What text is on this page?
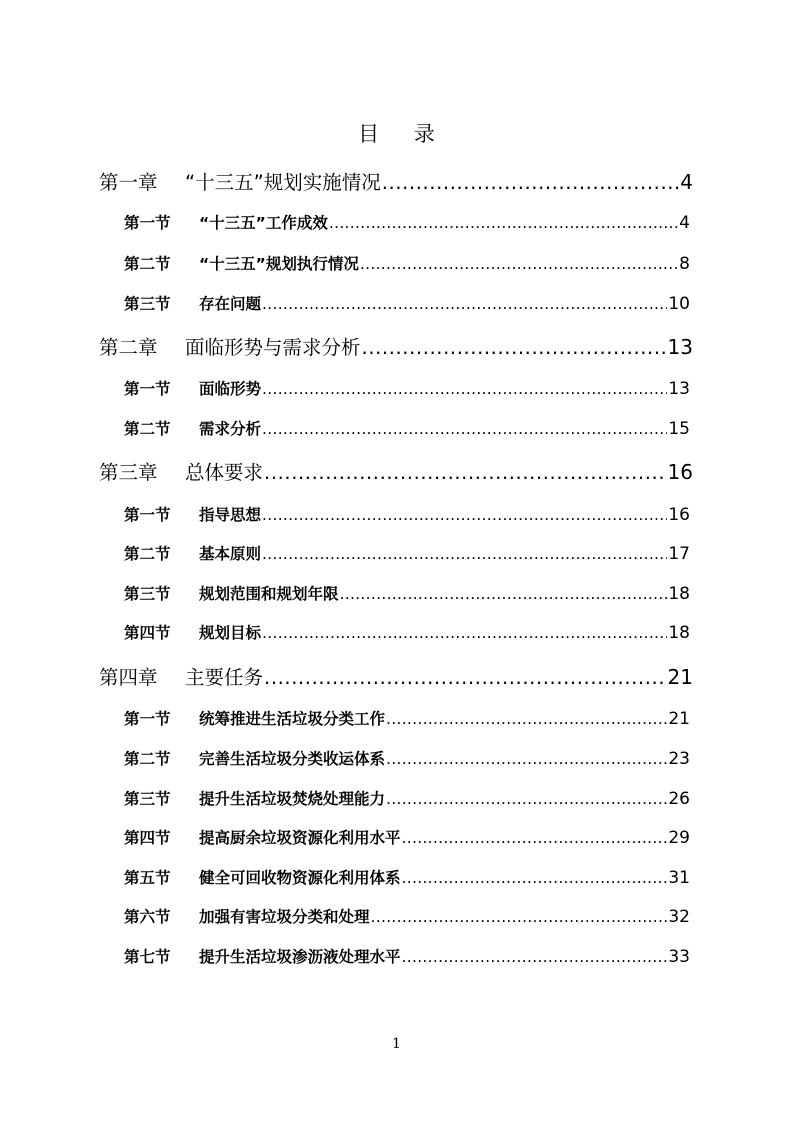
目 录
第一章	“十三五”规划实施情况 .....	4
第一节	“十三五”工作成效 .....	4
第二节	“十三五”规划执行情况 .....	8
第三节	存在问题 .....	10
第二章	面临形势与需求分析 .....	13
第一节	面临形势 .....	13
第二节	需求分析 .....	15
第三章	总体要求 .....	16
第一节	指导思想 .....	16
第二节	基本原则 .....	17
第三节	规划范围和规划年限 .....	18
第四节	规划目标 .....	18
第四章	主要任务 .....	21
第一节	统筹推进生活垃圾分类工作 .....	21
第二节	完善生活垃圾分类收运体系 .....	23
第三节	提升生活垃圾焚烧处理能力 .....	26
第四节	提高厨余垃圾资源化利用水平 .....	29
第五节	健全可回收物资源化利用体系 .....	31
第六节	加强有害垃圾分类和处理 .....	32
第七节	提升生活垃圾渗沥液处理水平 .....	33
1
